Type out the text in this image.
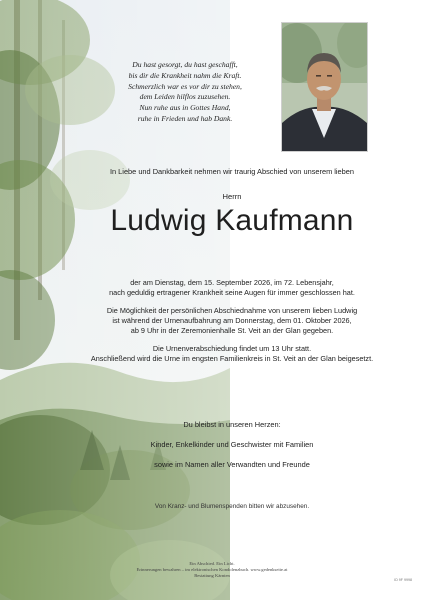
Du hast gesorgt, du hast geschafft,
bis dir die Krankheit nahm die Kraft.
Schmerzlich war es vor dir zu stehen,
dem Leiden hilflos zuzusehen.
Nun ruhe aus in Gottes Hand,
ruhe in Frieden und hab Dank.
In Liebe und Dankbarkeit nehmen wir traurig Abschied von unserem lieben
Herrn
Ludwig Kaufmann
der am Dienstag, dem 15. September 2026, im 72. Lebensjahr,
nach geduldig ertragener Krankheit seine Augen für immer geschlossen hat.
Die Möglichkeit der persönlichen Abschiednahme von unserem lieben Ludwig
ist während der Urnenaufbahrung am Donnerstag, dem 01. Oktober 2026,
ab 9 Uhr in der Zeremonienhalle St. Veit an der Glan gegeben.
Die Urnenverabschiedung findet um 13 Uhr statt.
Anschließend wird die Urne im engsten Familienkreis in St. Veit an der Glan beigesetzt.
Du bleibst in unseren Herzen:
Kinder, Enkelkinder und Geschwister mit Familien
sowie im Namen aller Verwandten und Freunde
Von Kranz- und Blumenspenden bitten wir abzusehen.
Ein Abschied. Ein Licht.
Erinnerungen bewahren – im elektronischen Kondolenzbuch. www.gedenkseite.at
Bestattung Kärnten
ID 9F 9998
